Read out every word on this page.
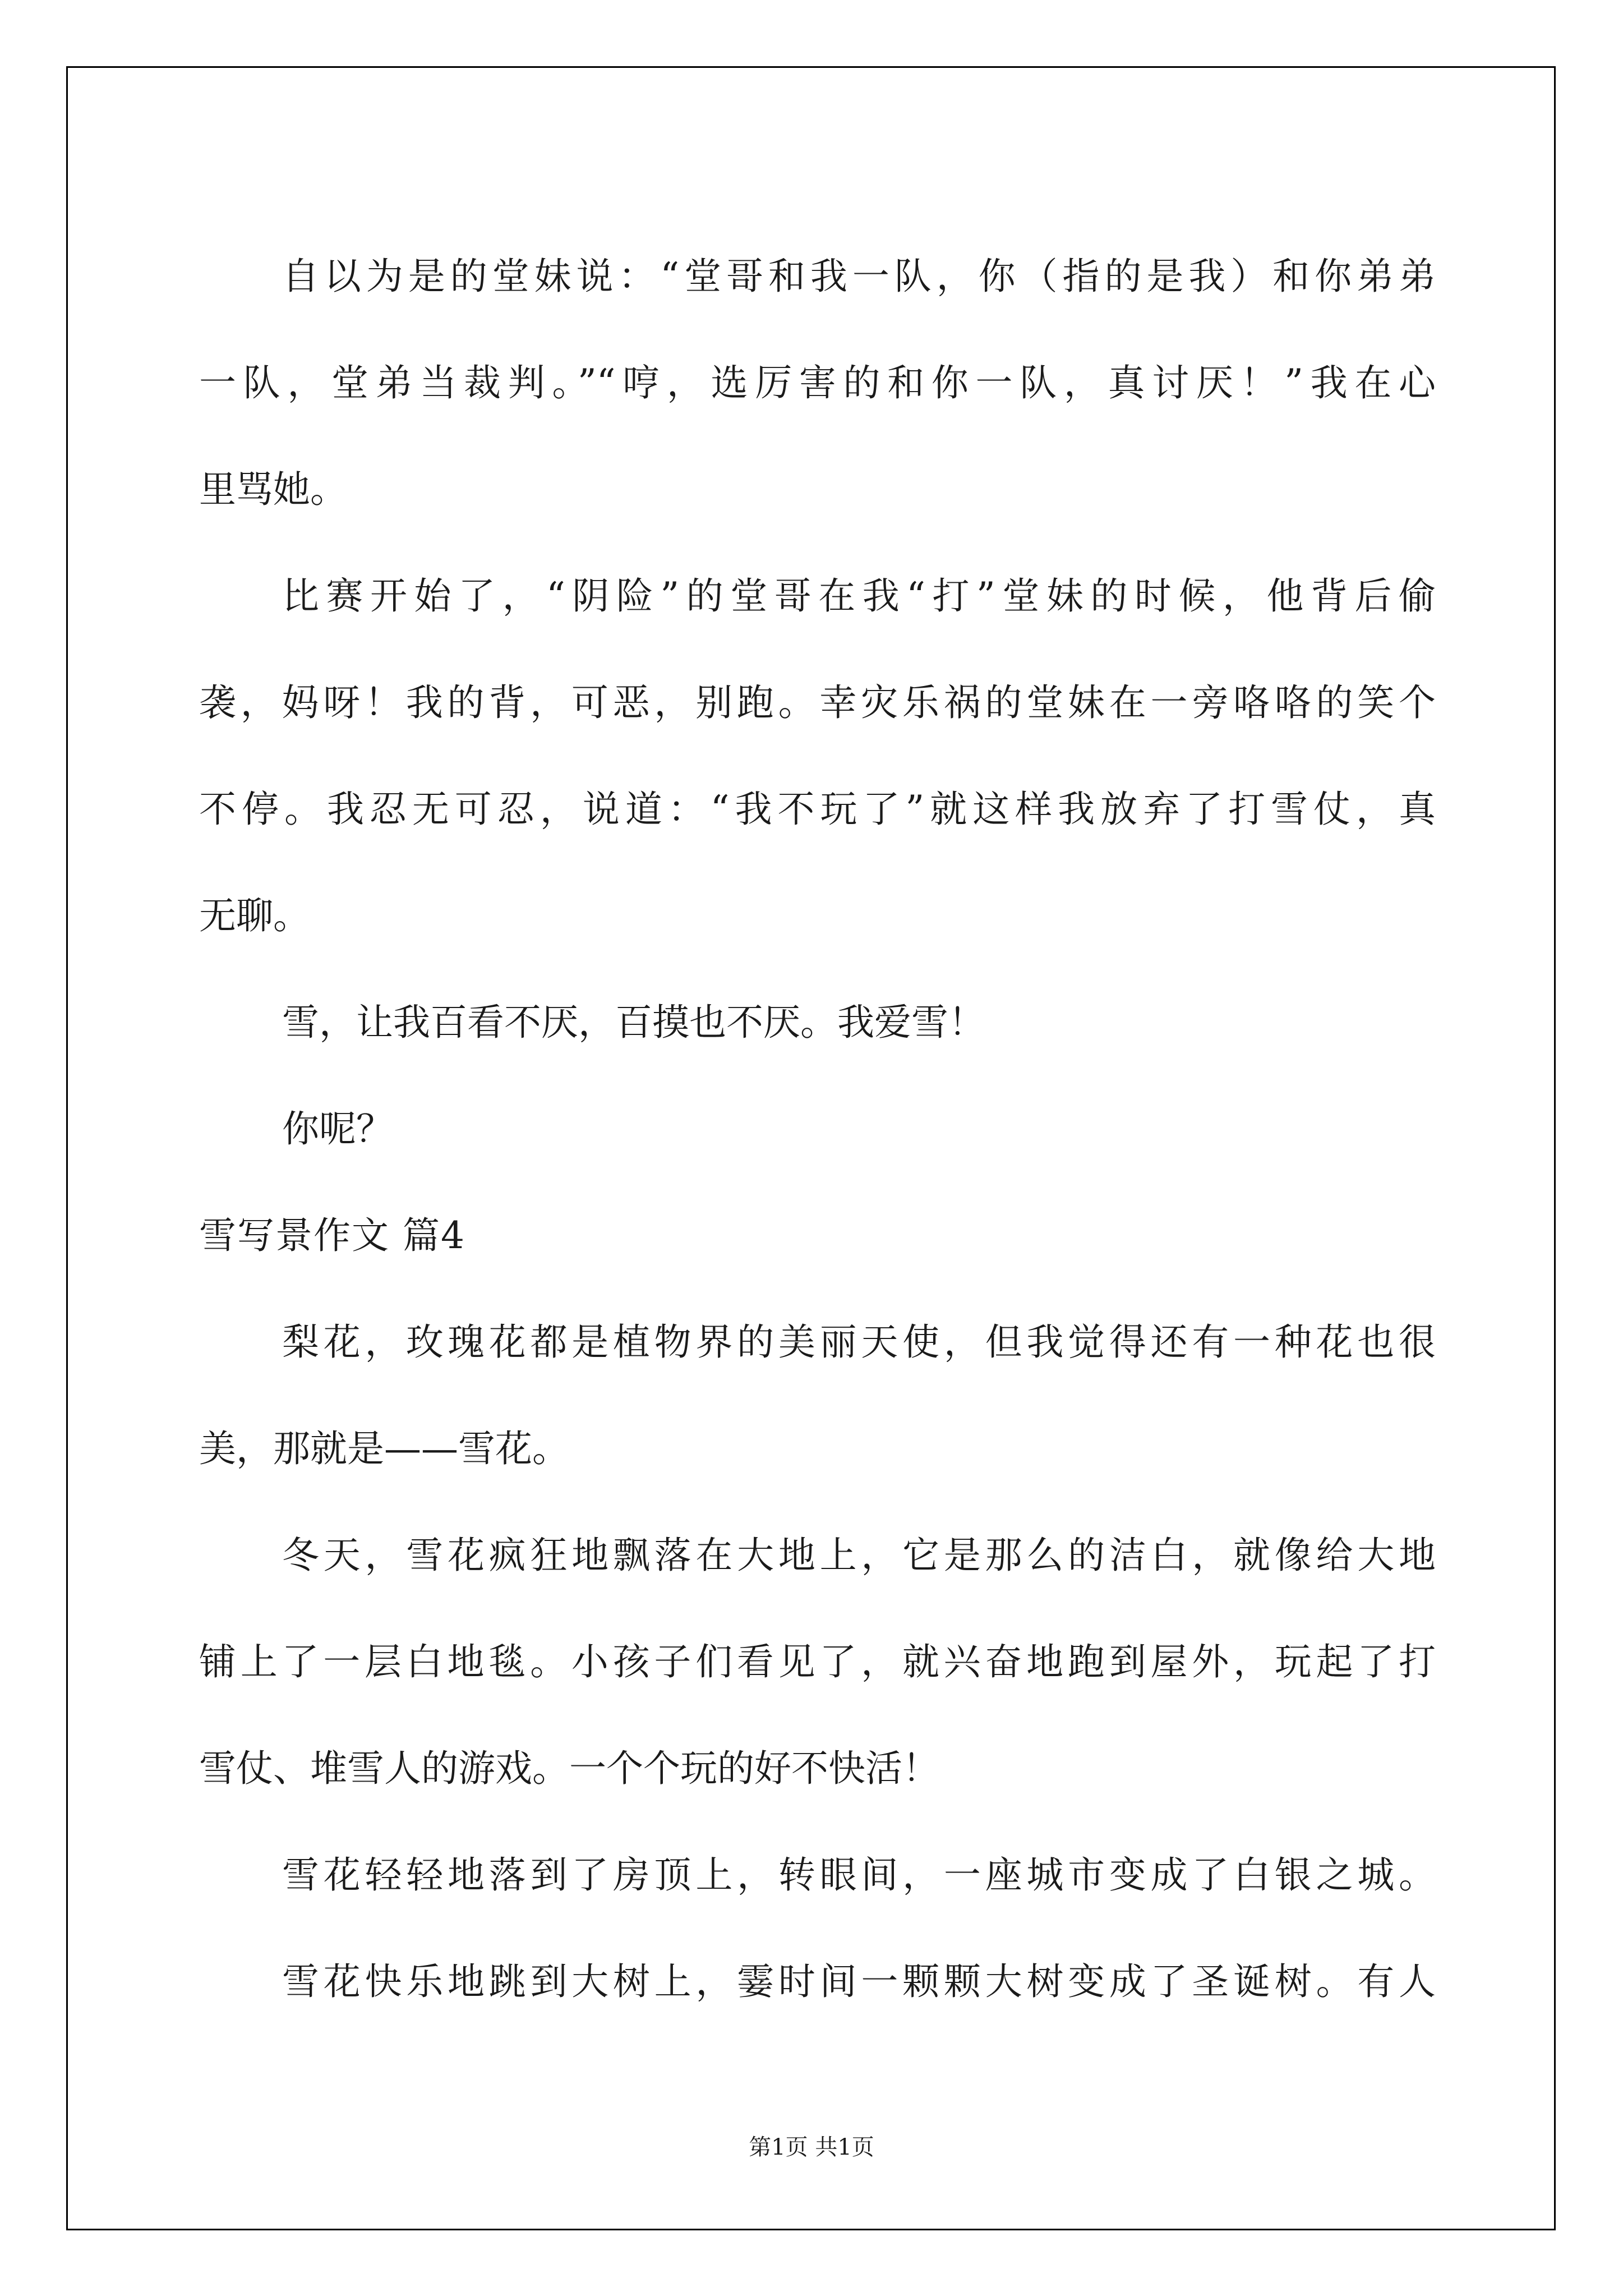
自以为是的堂妹说：“堂哥和我一队，你（指的是我）和你弟弟
一队，堂弟当裁判。”“哼，选厉害的和你一队，真讨厌！”我在心
里骂她。
比赛开始了，“阴险”的堂哥在我“打”堂妹的时候，他背后偷
袭，妈呀！我的背，可恶，别跑。幸灾乐祸的堂妹在一旁咯咯的笑个
不停。我忍无可忍，说道：“我不玩了”就这样我放弃了打雪仗，真
无聊。
雪，让我百看不厌，百摸也不厌。我爱雪！
你呢？
雪写景作文 篇4
梨花，玫瑰花都是植物界的美丽天使，但我觉得还有一种花也很
美，那就是——雪花。
冬天，雪花疯狂地飘落在大地上，它是那么的洁白，就像给大地
铺上了一层白地毯。小孩子们看见了，就兴奋地跑到屋外，玩起了打
雪仗、堆雪人的游戏。一个个玩的好不快活！
雪花轻轻地落到了房顶上，转眼间，一座城市变成了白银之城。
雪花快乐地跳到大树上，霎时间一颗颗大树变成了圣诞树。有人
第1页 共1页
